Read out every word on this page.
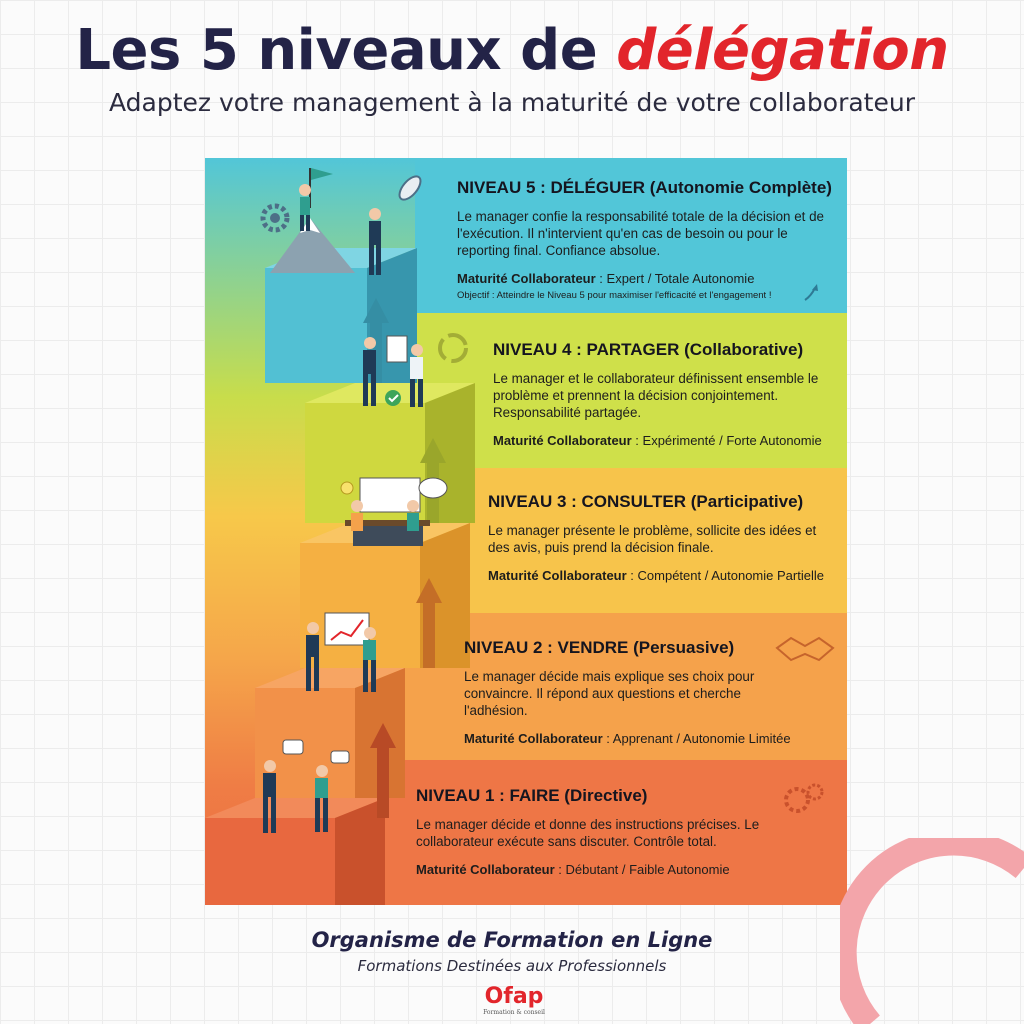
Les 5 niveaux de délégation

Adaptez votre management à la maturité de votre collaborateur

NIVEAU 5 : DÉLÉGUER (Autonomie Complète)

Le manager confie la responsabilité totale de la décision et de l'exécution. Il n'intervient qu'en cas de besoin ou pour le reporting final. Confiance absolue.

Maturité Collaborateur : Expert / Totale Autonomie
Objectif : Atteindre le Niveau 5 pour maximiser l'efficacité et l'engagement !
NIVEAU 4 : PARTAGER (Collaborative)

Le manager et le collaborateur définissent ensemble le problème et prennent la décision conjointement. Responsabilité partagée.

Maturité Collaborateur : Expérimenté / Forte Autonomie
NIVEAU 3 : CONSULTER (Participative)

Le manager présente le problème, sollicite des idées et des avis, puis prend la décision finale.

Maturité Collaborateur : Compétent / Autonomie Partielle
NIVEAU 2 : VENDRE (Persuasive)

Le manager décide mais explique ses choix pour convaincre. Il répond aux questions et cherche l'adhésion.

Maturité Collaborateur : Apprenant / Autonomie Limitée
NIVEAU 1 : FAIRE (Directive)

Le manager décide et donne des instructions précises. Le collaborateur exécute sans discuter. Contrôle total.

Maturité Collaborateur : Débutant / Faible Autonomie
Organisme de Formation en Ligne
Formations Destinées aux Professionnels
Ofap
Formation & conseil
